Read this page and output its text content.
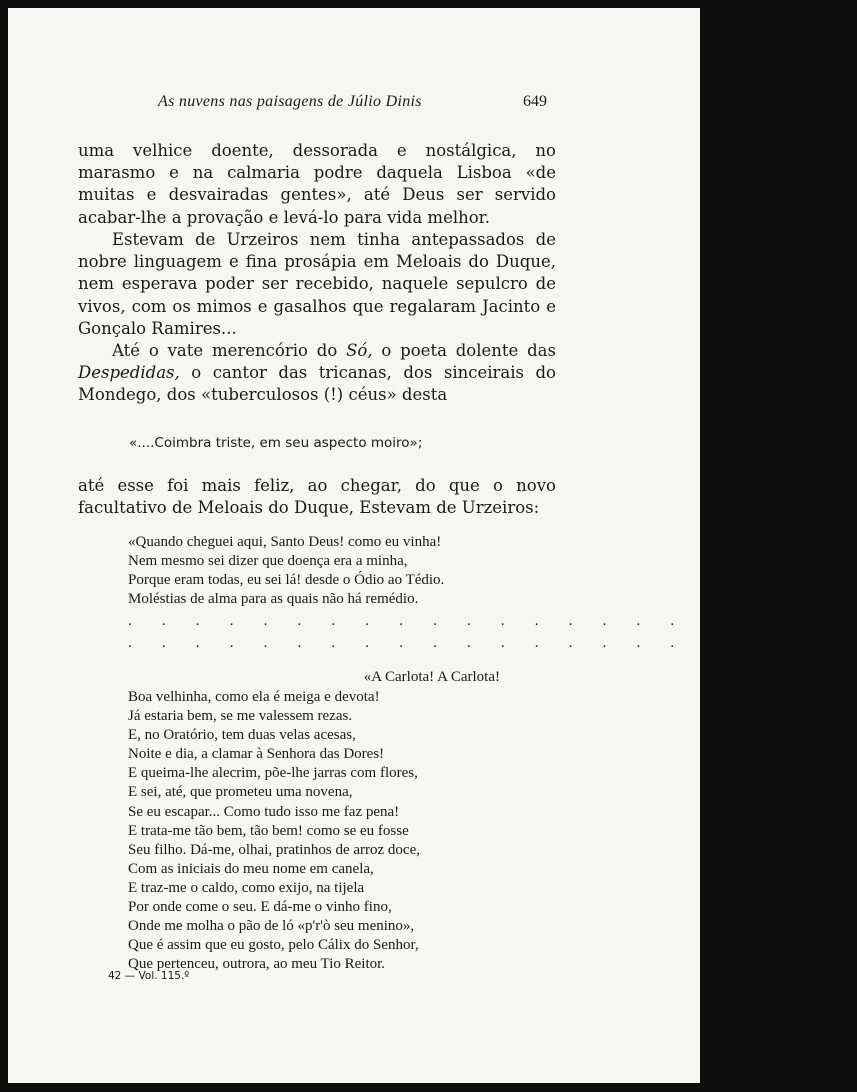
As nuvens nas paisagens de Júlio Dinis	649

uma velhice doente, dessorada e nostálgica, no marasmo e na calmaria podre daquela Lisboa «de muitas e desvairadas gentes», até Deus ser servido acabar-lhe a provação e levá-lo para vida melhor.

Estevam de Urzeiros nem tinha antepassados de nobre linguagem e fina prosápia em Meloais do Duque, nem esperava poder ser recebido, naquele sepulcro de vivos, com os mimos e gasalhos que regalaram Jacinto e Gonçalo Ramires...

Até o vate merencório do Só, o poeta dolente das Despedidas, o cantor das tricanas, dos sinceirais do Mondego, dos «tuberculosos (!) céus» desta

até esse foi mais feliz, ao chegar, do que o novo facultativo de Meloais do Duque, Estevam de Urzeiros:

«....Coimbra triste, em seu aspecto moiro»;
«Quando cheguei aqui, Santo Deus! como eu vinha!
Nem mesmo sei dizer que doença era a minha,
Porque eram todas, eu sei lá! desde o Ódio ao Tédio.
Moléstias de alma para as quais não há remédio.
. . . . . . . . . . . . . . . . . . . . . .
. . . . . . . . . . . . . . . . . . . . . .
«A Carlota! A Carlota!
Boa velhinha, como ela é meiga e devota!
Já estaria bem, se me valessem rezas.
E, no Oratório, tem duas velas acesas,
Noite e dia, a clamar à Senhora das Dores!
E queima-lhe alecrim, põe-lhe jarras com flores,
E sei, até, que prometeu uma novena,
Se eu escapar... Como tudo isso me faz pena!
E trata-me tão bem, tão bem! como se eu fosse
Seu filho. Dá-me, olhai, pratinhos de arroz doce,
Com as iniciais do meu nome em canela,
E traz-me o caldo, como exijo, na tijela
Por onde come o seu. E dá-me o vinho fino,
Onde me molha o pão de ló «p'r'ò seu menino»,
Que é assim que eu gosto, pelo Cálix do Senhor,
Que pertenceu, outrora, ao meu Tio Reitor.
42 — Vol. 115.º
